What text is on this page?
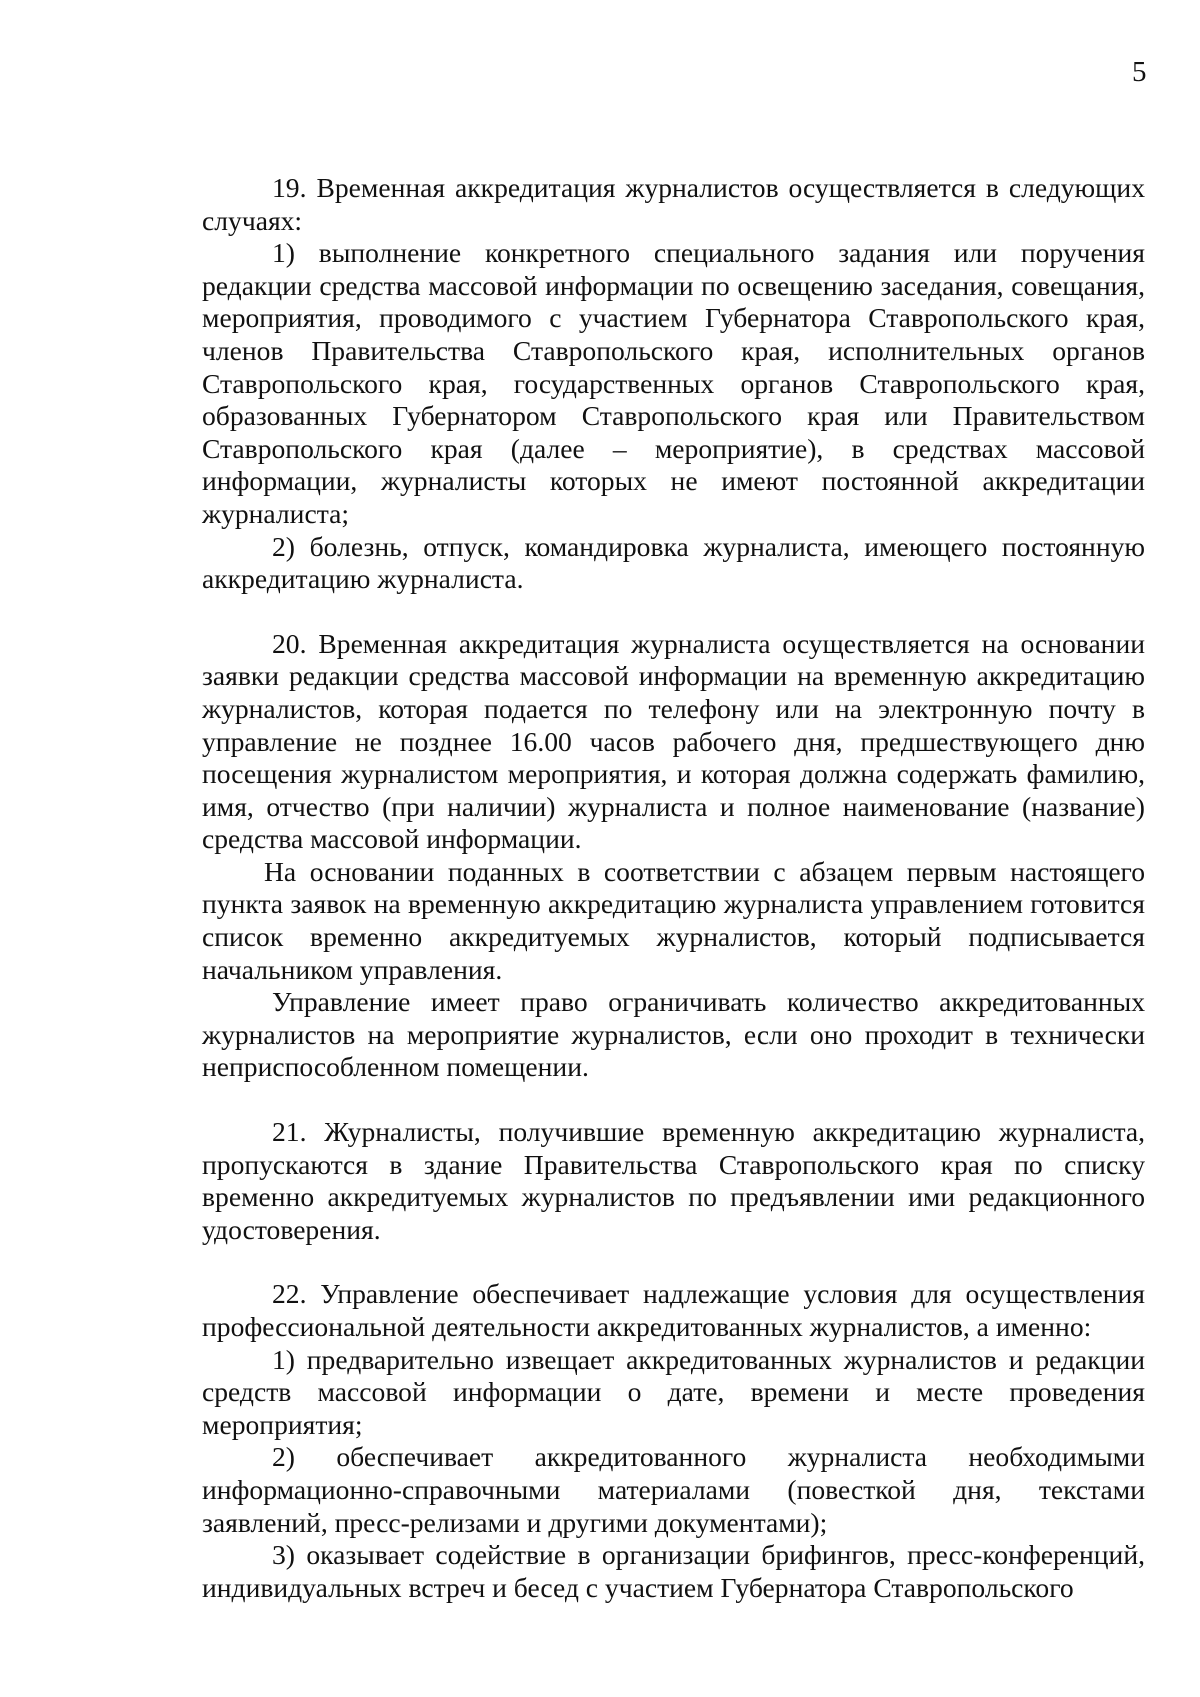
5

19. Временная аккредитация журналистов осуществляется в следующих случаях:

1) выполнение конкретного специального задания или поручения редакции средства массовой информации по освещению заседания, совещания, мероприятия, проводимого с участием Губернатора Ставропольского края, членов Правительства Ставропольского края, исполнительных органов Ставропольского края, государственных органов Ставропольского края, образованных Губернатором Ставропольского края или Правительством Ставропольского края (далее – мероприятие), в средствах массовой информации, журналисты которых не имеют постоянной аккредитации журналиста;

2) болезнь, отпуск, командировка журналиста, имеющего постоянную аккредитацию журналиста.

20. Временная аккредитация журналиста осуществляется на основании заявки редакции средства массовой информации на временную аккредитацию журналистов, которая подается по телефону или на электронную почту в управление не позднее 16.00 часов рабочего дня, предшествующего дню посещения журналистом мероприятия, и которая должна содержать фамилию, имя, отчество (при наличии) журналиста и полное наименование (название) средства массовой информации.

На основании поданных в соответствии с абзацем первым настоящего пункта заявок на временную аккредитацию журналиста управлением готовится список временно аккредитуемых журналистов, который подписывается начальником управления.

Управление имеет право ограничивать количество аккредитованных журналистов на мероприятие журналистов, если оно проходит в технически неприспособленном помещении.

21. Журналисты, получившие временную аккредитацию журналиста, пропускаются в здание Правительства Ставропольского края по списку временно аккредитуемых журналистов по предъявлении ими редакционного удостоверения.

22. Управление обеспечивает надлежащие условия для осуществления профессиональной деятельности аккредитованных журналистов, а именно:

1) предварительно извещает аккредитованных журналистов и редакции средств массовой информации о дате, времени и месте проведения мероприятия;

2) обеспечивает аккредитованного журналиста необходимыми информационно-справочными материалами (повесткой дня, текстами заявлений, пресс-релизами и другими документами);

3) оказывает содействие в организации брифингов, пресс-конференций, индивидуальных встреч и бесед с участием Губернатора Ставропольского
